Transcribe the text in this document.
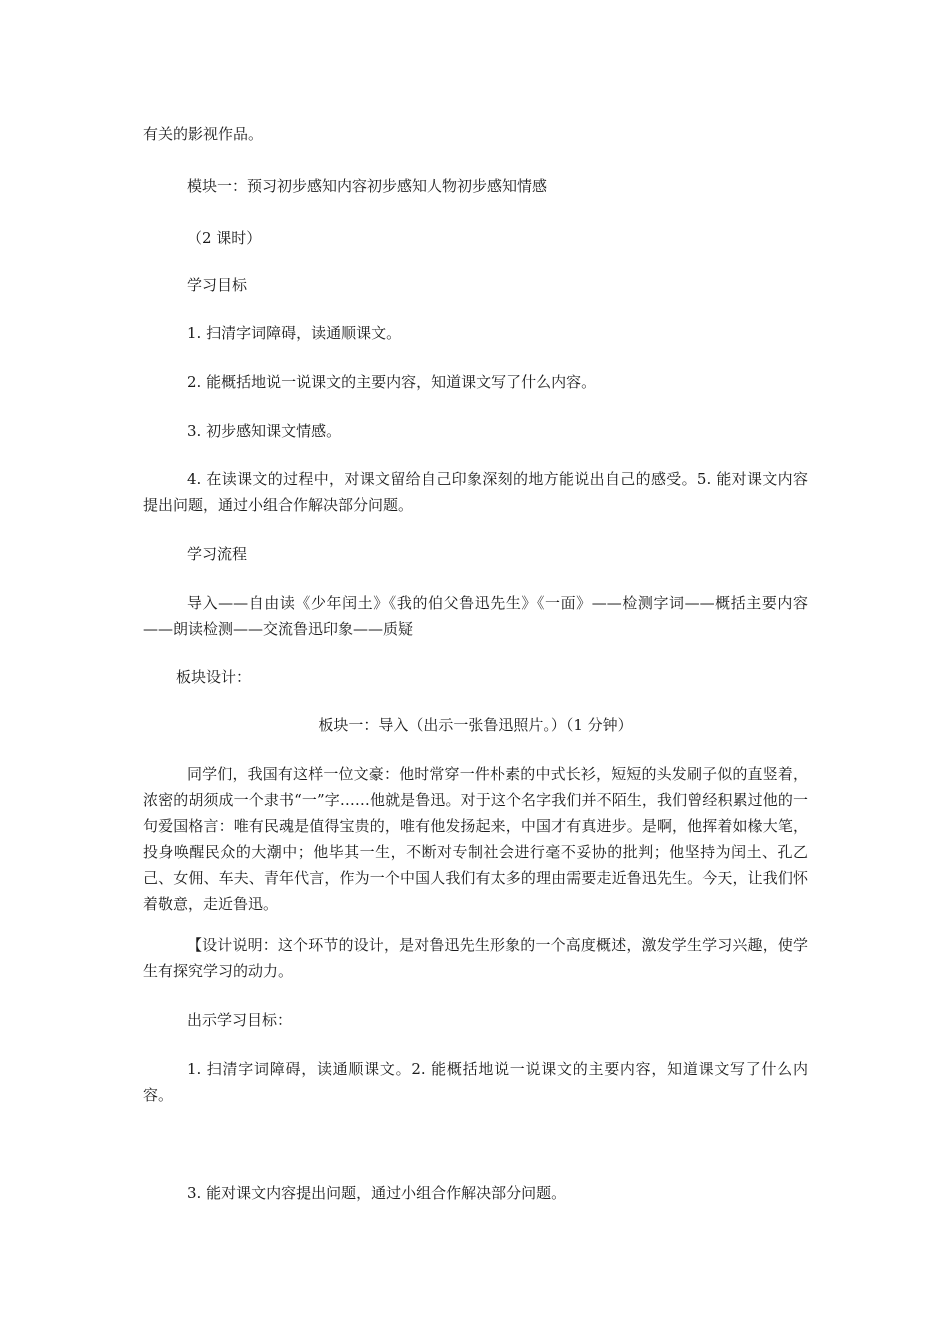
有关的影视作品。

模块一：预习初步感知内容初步感知人物初步感知情感

（2 课时）

学习目标

1. 扫清字词障碍，读通顺课文。

2. 能概括地说一说课文的主要内容，知道课文写了什么内容。

3. 初步感知课文情感。

4. 在读课文的过程中，对课文留给自己印象深刻的地方能说出自己的感受。5. 能对课文内容提出问题，通过小组合作解决部分问题。

学习流程

导入——自由读《少年闰土》《我的伯父鲁迅先生》《一面》——检测字词——概括主要内容——朗读检测——交流鲁迅印象——质疑

板块设计：

板块一：导入（出示一张鲁迅照片。）（1 分钟）

同学们，我国有这样一位文豪：他时常穿一件朴素的中式长衫，短短的头发刷子似的直竖着，浓密的胡须成一个隶书“一”字……他就是鲁迅。对于这个名字我们并不陌生，我们曾经积累过他的一句爱国格言：唯有民魂是值得宝贵的，唯有他发扬起来，中国才有真进步。是啊，他挥着如椽大笔，投身唤醒民众的大潮中；他毕其一生，不断对专制社会进行毫不妥协的批判；他坚持为闰土、孔乙己、女佣、车夫、青年代言，作为一个中国人我们有太多的理由需要走近鲁迅先生。今天，让我们怀着敬意，走近鲁迅。

【设计说明：这个环节的设计，是对鲁迅先生形象的一个高度概述，激发学生学习兴趣，使学生有探究学习的动力。

出示学习目标：

1. 扫清字词障碍，读通顺课文。2. 能概括地说一说课文的主要内容，知道课文写了什么内容。

3. 能对课文内容提出问题，通过小组合作解决部分问题。
